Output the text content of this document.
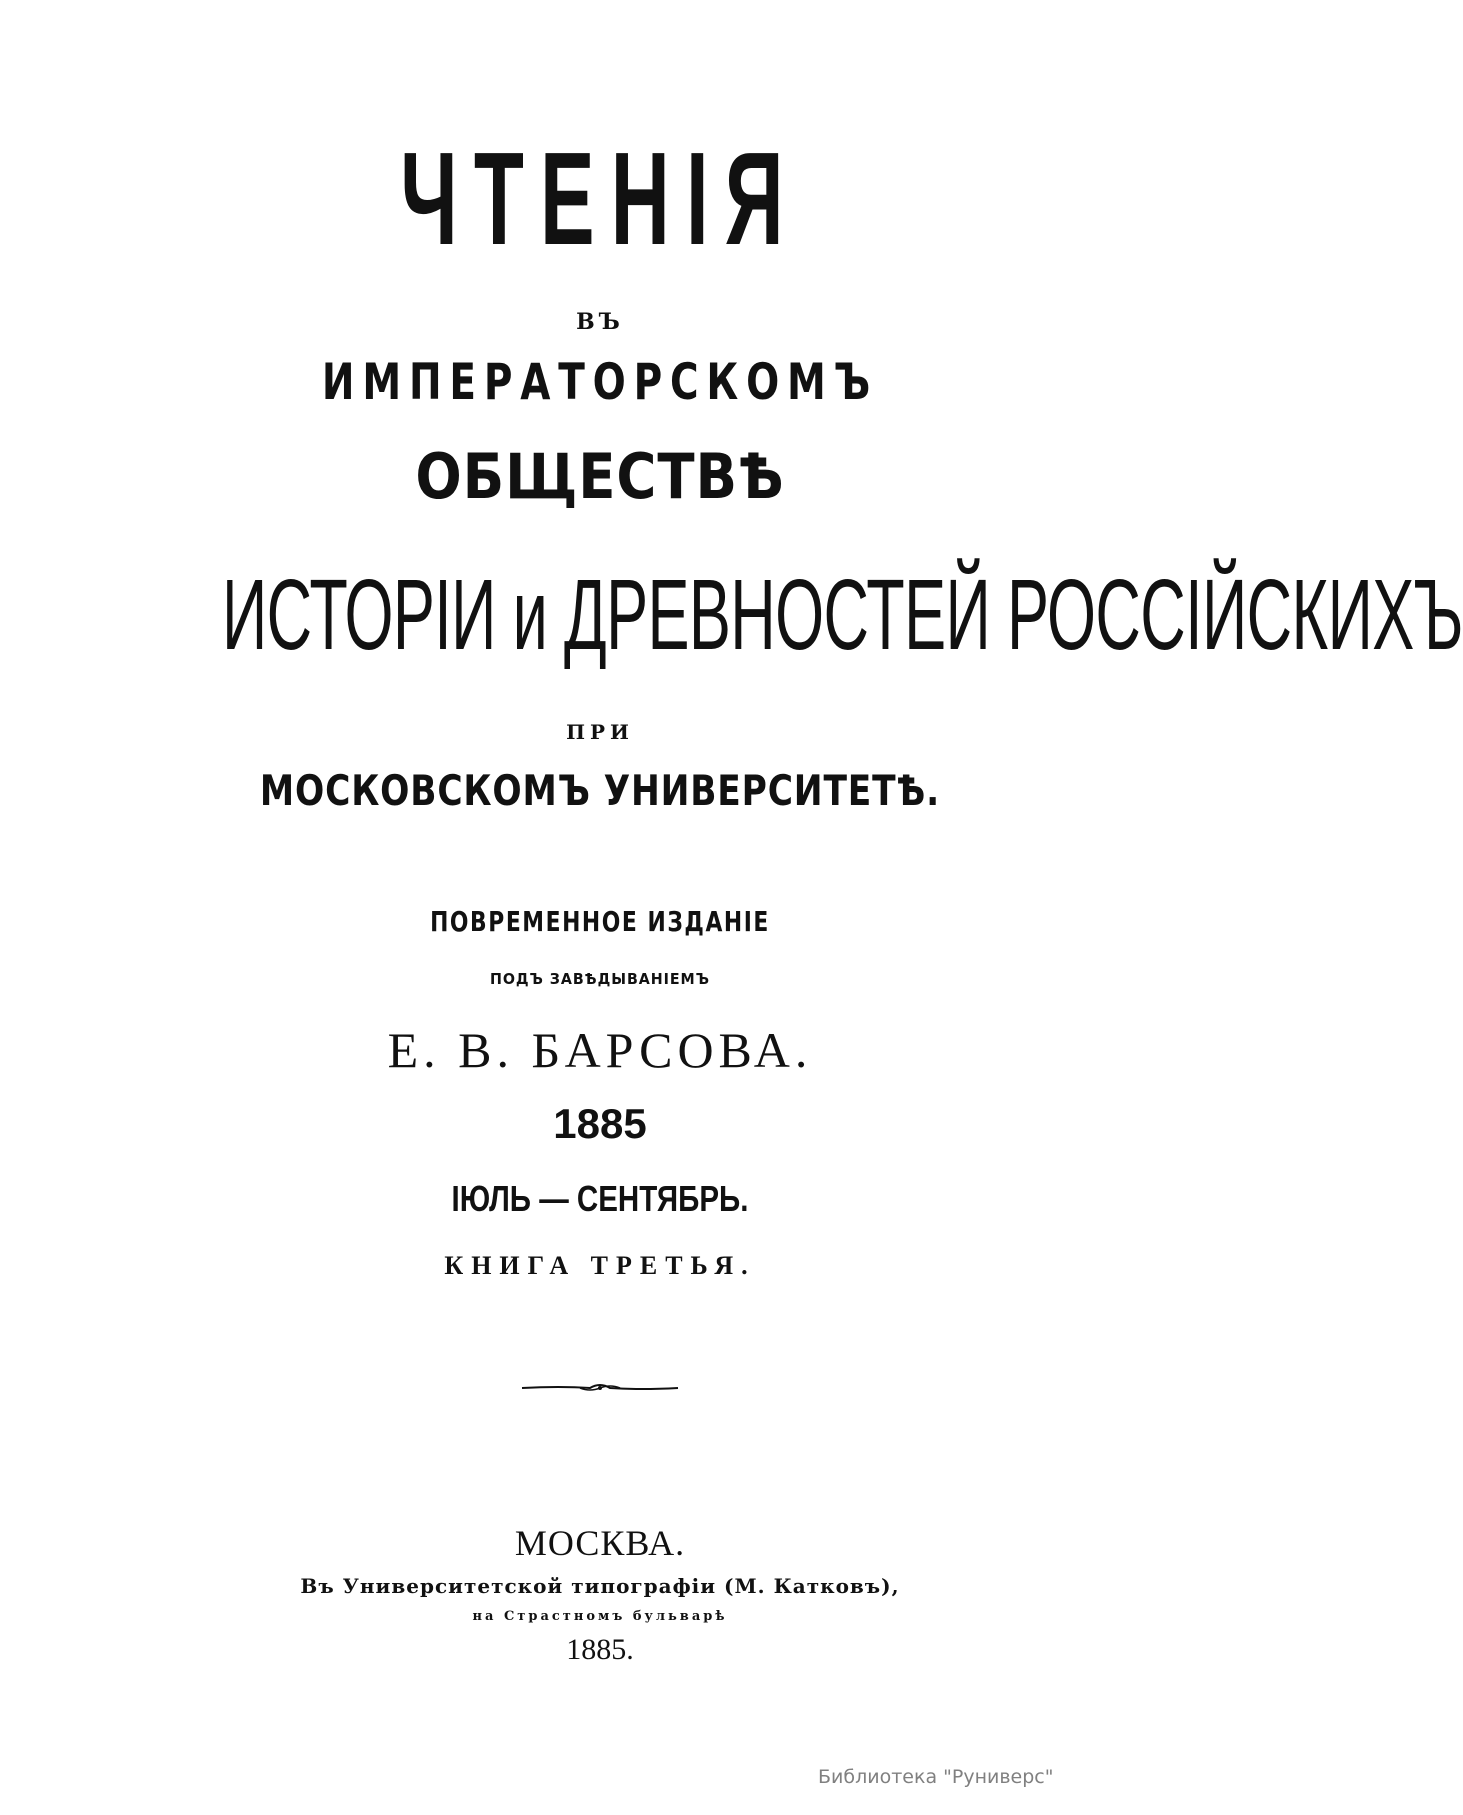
ЧТЕНІЯ
ВЪ
ИМПЕРАТОРСКОМЪ
ОБЩЕСТВѢ
ИСТОРІИ и ДРЕВНОСТЕЙ РОССІЙСКИХЪ
ПРИ
МОСКОВСКОМЪ УНИВЕРСИТЕТѢ.
ПОВРЕМЕННОЕ ИЗДАНІЕ
ПОДЪ ЗАВѢДЫВАНІЕМЪ
Е. В. БАРСОВА.
1885
ІЮЛЬ — СЕНТЯБРЬ.
КНИГА ТРЕТЬЯ.
МОСКВА.
Въ Университетской типографіи (М. Катковъ),
на Страстномъ бульварѣ
1885.
Библиотека "Руниверс"
